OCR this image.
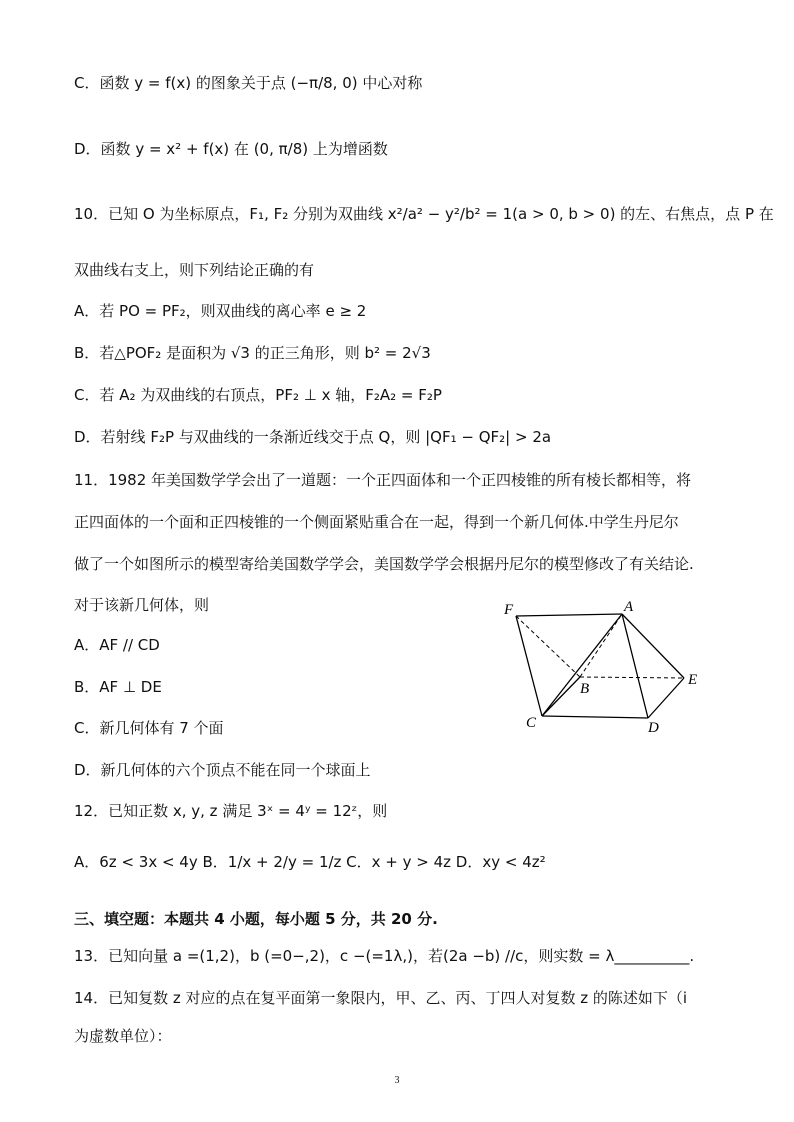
C．函数 y = f(x) 的图象关于点 (−π/8, 0) 中心对称
D．函数 y = x² + f(x) 在 (0, π/8) 上为增函数
10．已知 O 为坐标原点，F₁, F₂ 分别为双曲线 x²/a² − y²/b² = 1(a > 0, b > 0) 的左、右焦点，点 P 在
双曲线右支上，则下列结论正确的有
A．若 PO = PF₂，则双曲线的离心率 e ≥ 2
B．若△POF₂ 是面积为 √3 的正三角形，则 b² = 2√3
C．若 A₂ 为双曲线的右顶点，PF₂ ⊥ x 轴，F₂A₂ = F₂P
D．若射线 F₂P 与双曲线的一条渐近线交于点 Q，则 |QF₁ − QF₂| > 2a
11．1982 年美国数学学会出了一道题：一个正四面体和一个正四棱锥的所有棱长都相等，将
正四面体的一个面和正四棱锥的一个侧面紧贴重合在一起，得到一个新几何体.中学生丹尼尔
做了一个如图所示的模型寄给美国数学学会，美国数学学会根据丹尼尔的模型修改了有关结论.
对于该新几何体，则
A．AF // CD
B．AF ⊥ DE
C．新几何体有 7 个面
D．新几何体的六个顶点不能在同一个球面上
12．已知正数 x, y, z 满足 3ˣ = 4ʸ = 12ᶻ，则
A．6z < 3x < 4y B．1/x + 2/y = 1/z C．x + y > 4z D．xy < 4z²
三、填空题：本题共 4 小题，每小题 5 分，共 20 分.
13．已知向量 a =(1,2)，b (=0−,2)，c −(=1λ,)，若(2a −b) //c，则实数 = λ__________.
14．已知复数 z 对应的点在复平面第一象限内，甲、乙、丙、丁四人对复数 z 的陈述如下（i
为虚数单位）：
F	A
B
E
C	D
3
